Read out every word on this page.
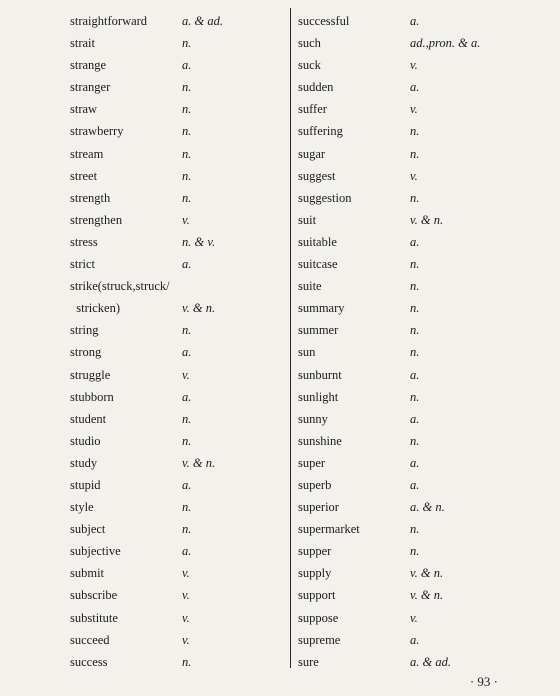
straightforward	a. & ad.
strait	n.
strange	a.
stranger	n.
straw	n.
strawberry	n.
stream	n.
street	n.
strength	n.
strengthen	v.
stress	n. & v.
strict	a.
strike(struck,struck/
stricken)	v. & n.
string	n.
strong	a.
struggle	v.
stubborn	a.
student	n.
studio	n.
study	v. & n.
stupid	a.
style	n.
subject	n.
subjective	a.
submit	v.
subscribe	v.
substitute	v.
succeed	v.
success	n.
successful	a.
such	ad.,pron. & a.
suck	v.
sudden	a.
suffer	v.
suffering	n.
sugar	n.
suggest	v.
suggestion	n.
suit	v. & n.
suitable	a.
suitcase	n.
suite	n.
summary	n.
summer	n.
sun	n.
sunburnt	a.
sunlight	n.
sunny	a.
sunshine	n.
super	a.
superb	a.
superior	a. & n.
supermarket	n.
supper	n.
supply	v. & n.
support	v. & n.
suppose	v.
supreme	a.
sure	a. & ad.
· 93 ·
